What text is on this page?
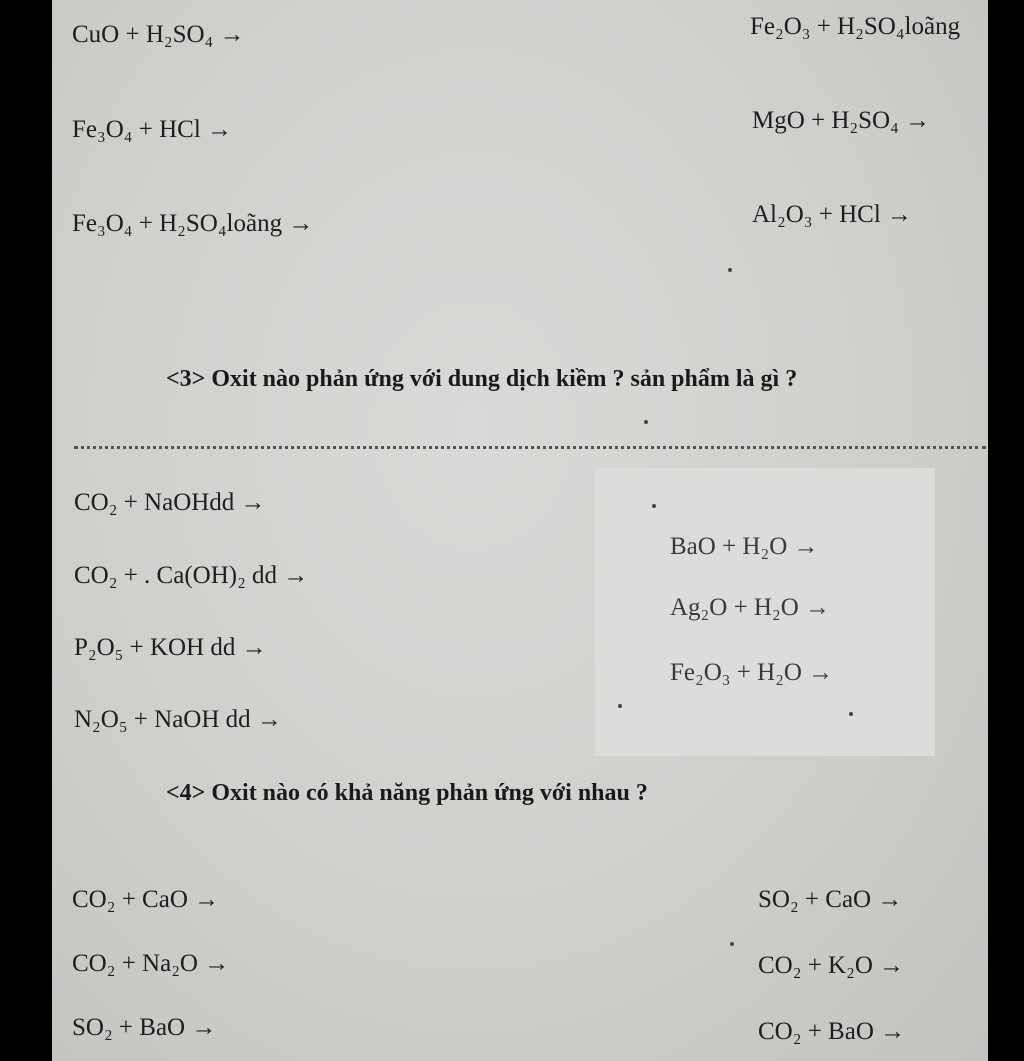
CuO + H₂SO₄ →	Fe₂O₃ + H₂SO₄loãng
Fe₃O₄ + HCl →	MgO + H₂SO₄ →
Fe₃O₄ + H₂SO₄loãng →	Al₂O₃ + HCl →
<3> Oxit nào phản ứng với dung dịch kiềm ? sản phẩm là gì ?
CO₂ + NaOHdd →
CO₂ + . Ca(OH)₂ dd →
P₂O₅ + KOH dd →
N₂O₅ + NaOH dd →
BaO + H₂O →
Ag₂O + H₂O →
Fe₂O₃ + H₂O →
<4> Oxit nào có khả năng phản ứng với nhau ?
CO₂ + CaO →	SO₂ + CaO →
CO₂ + Na₂O →	CO₂ + K₂O →
SO₂ + BaO →	CO₂ + BaO →
